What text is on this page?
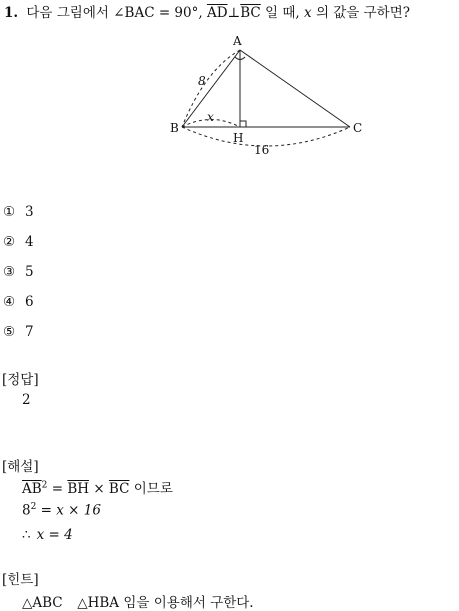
1. 다음 그림에서 ∠BAC = 90°, $\overline{AD}\perp\overline{BC}$ 일 때, x 의 값을 구하면?
A
B	C
H
8
x
16
① 3
② 4
③ 5
④ 6
⑤ 7
[정답]
2
[해설]
$\overline{AB}^2 = \overline{BH} \times \overline{BC}$ 이므로
$8^2 = x \times 16$
∴ x = 4
[힌트]
△ABC △HBA 임을 이용해서 구한다.
